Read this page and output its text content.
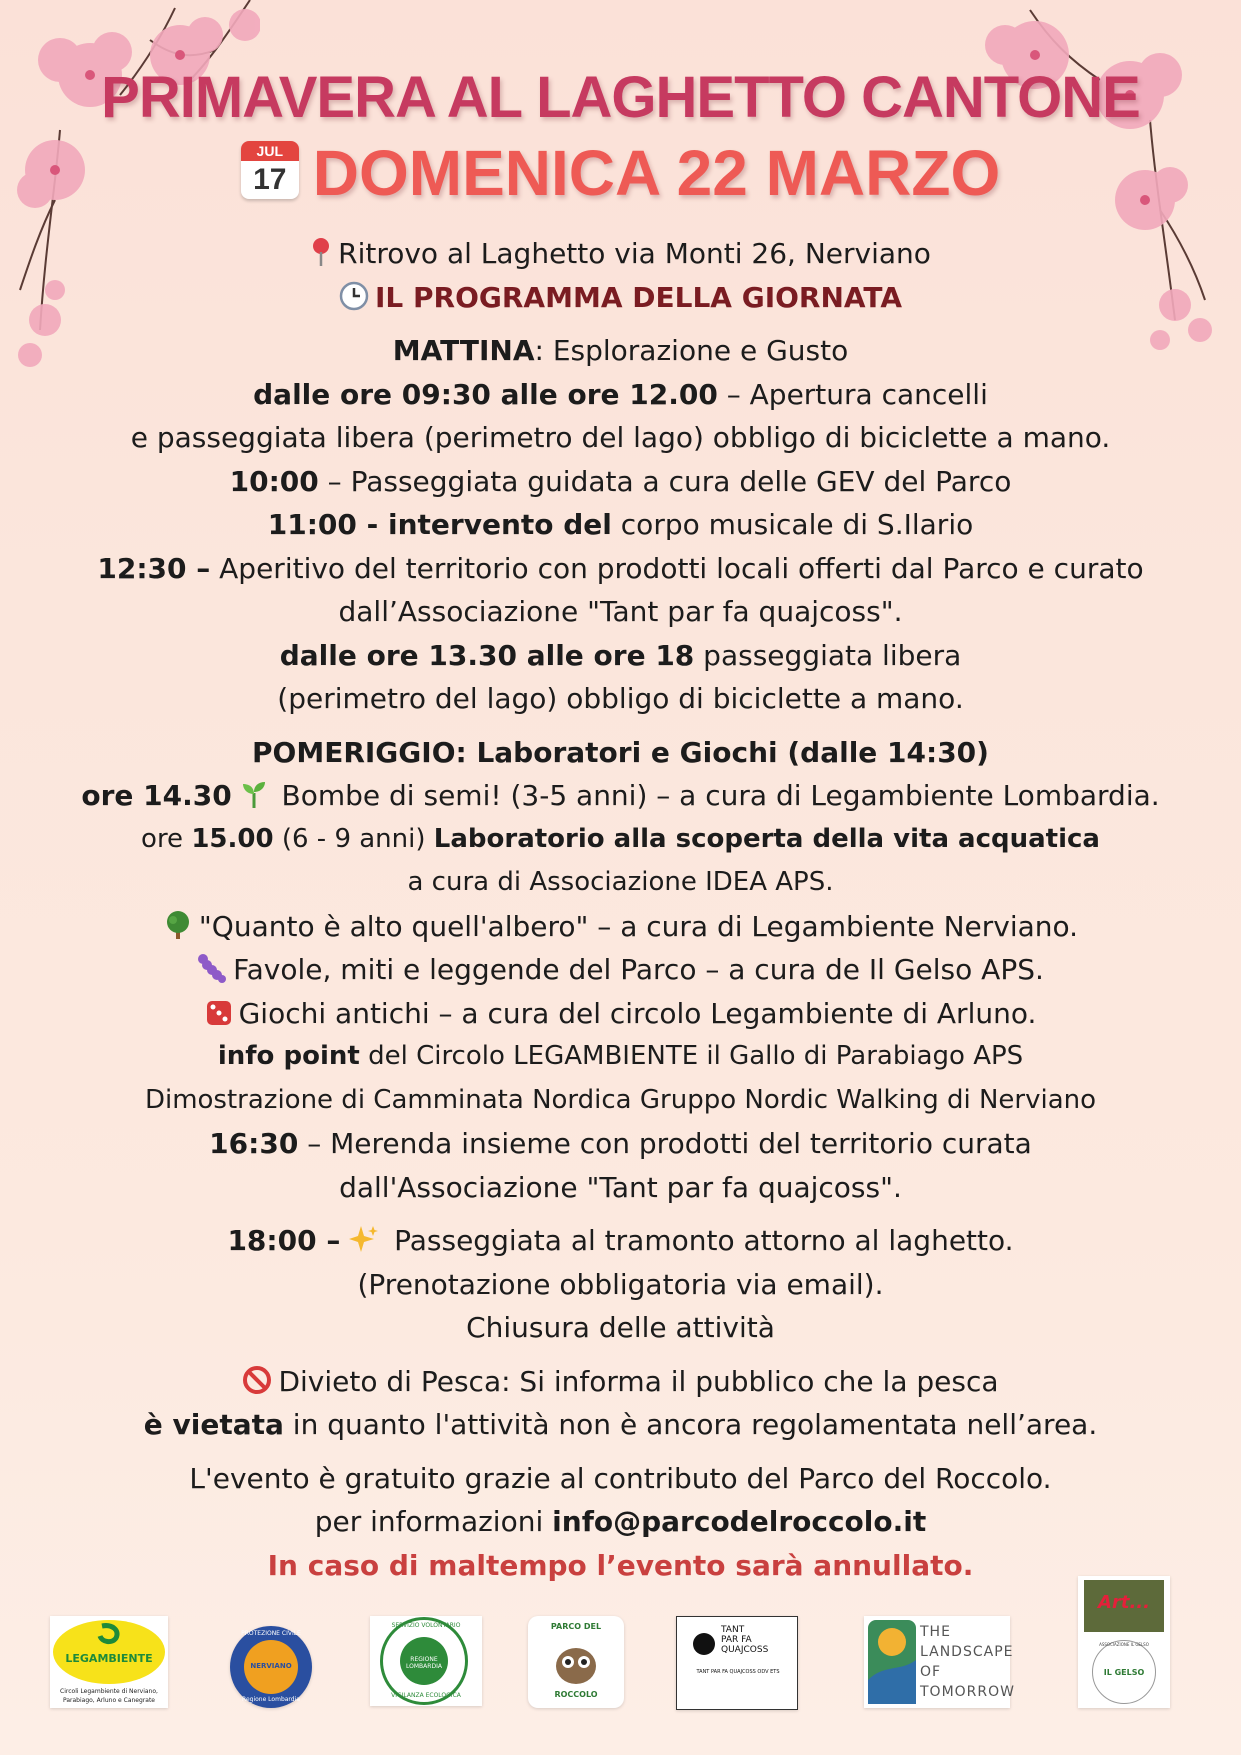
PRIMAVERA AL LAGHETTO CANTONE
JUL
17 DOMENICA 22 MARZO
Ritrovo al Laghetto via Monti 26, Nerviano
IL PROGRAMMA DELLA GIORNATA
MATTINA: Esplorazione e Gusto
dalle ore 09:30 alle ore 12.00 – Apertura cancelli
e passeggiata libera (perimetro del lago) obbligo di biciclette a mano.
10:00 – Passeggiata guidata a cura delle GEV del Parco
11:00 - intervento del corpo musicale di S.Ilario
12:30 – Aperitivo del territorio con prodotti locali offerti dal Parco e curato
dall’Associazione "Tant par fa quajcoss".
dalle ore 13.30 alle ore 18 passeggiata libera
(perimetro del lago) obbligo di biciclette a mano.
POMERIGGIO: Laboratori e Giochi (dalle 14:30)
ore 14.30  Bombe di semi! (3-5 anni) – a cura di Legambiente Lombardia.
ore 15.00 (6 - 9 anni) Laboratorio alla scoperta della vita acquatica
a cura di Associazione IDEA APS.
"Quanto è alto quell'albero" – a cura di Legambiente Nerviano.
Favole, miti e leggende del Parco – a cura de Il Gelso APS.
Giochi antichi – a cura del circolo Legambiente di Arluno.
info point del Circolo LEGAMBIENTE il Gallo di Parabiago APS
Dimostrazione di Camminata Nordica Gruppo Nordic Walking di Nerviano
16:30 – Merenda insieme con prodotti del territorio curata
dall'Associazione "Tant par fa quajcoss".
18:00 –  Passeggiata al tramonto attorno al laghetto.
(Prenotazione obbligatoria via email).
Chiusura delle attività
Divieto di Pesca: Si informa il pubblico che la pesca
è vietata in quanto l'attività non è ancora regolamentata nell’area.
L'evento è gratuito grazie al contributo del Parco del Roccolo.
per informazioni info@parcodelroccolo.it
In caso di maltempo l’evento sarà annullato.
LEGAMBIENTE
Circoli Legambiente di Nerviano,
Parabiago, Arluno e Canegrate
PROTEZIONE CIVILE
NERVIANO
Regione Lombardia
SERVIZIO VOLONTARIO
REGIONE LOMBARDIA
VIGILANZA ECOLOGICA
PARCO DEL
ROCCOLO
TANT
PAR FA
QUAJCOSS
TANT PAR FA QUAJCOSS ODV ETS
THE
LANDSCAPE
OF
TOMORROW
Art...
ASSOCIAZIONE IL GELSO
IL GELSO
